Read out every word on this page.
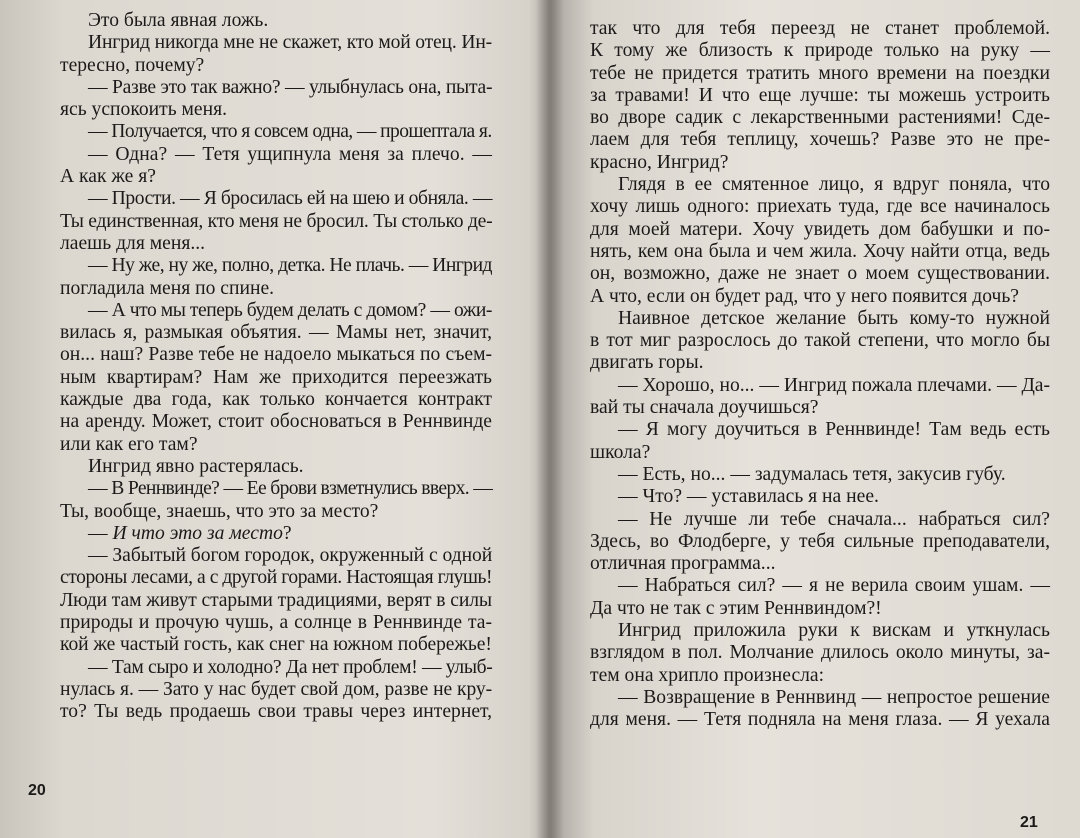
Это была явная ложь.
Ингрид никогда мне не скажет, кто мой отец. Ин-
тересно, почему?
— Разве это так важно? — улыбнулась она, пыта-
ясь успокоить меня.
— Получается, что я совсем одна, — прошептала я.
— Одна? — Тетя ущипнула меня за плечо. —
А как же я?
— Прости. — Я бросилась ей на шею и обняла. —
Ты единственная, кто меня не бросил. Ты столько де-
лаешь для меня...
— Ну же, ну же, полно, детка. Не плачь. — Ингрид
погладила меня по спине.
— А что мы теперь будем делать с домом? — ожи-
вилась я, размыкая объятия. — Мамы нет, значит,
он... наш? Разве тебе не надоело мыкаться по съем-
ным квартирам? Нам же приходится переезжать
каждые два года, как только кончается контракт
на аренду. Может, стоит обосноваться в Реннвинде
или как его там?
Ингрид явно растерялась.
— В Реннвинде? — Ее брови взметнулись вверх. —
Ты, вообще, знаешь, что это за место?
— И что это за место?
— Забытый богом городок, окруженный с одной
стороны лесами, а с другой горами. Настоящая глушь!
Люди там живут старыми традициями, верят в силы
природы и прочую чушь, а солнце в Реннвинде та-
кой же частый гость, как снег на южном побережье!
— Там сыро и холодно? Да нет проблем! — улыб-
нулась я. — Зато у нас будет свой дом, разве не кру-
то? Ты ведь продаешь свои травы через интернет,
20
так что для тебя переезд не станет проблемой.
К тому же близость к природе только на руку —
тебе не придется тратить много времени на поездки
за травами! И что еще лучше: ты можешь устроить
во дворе садик с лекарственными растениями! Сде-
лаем для тебя теплицу, хочешь? Разве это не пре-
красно, Ингрид?
Глядя в ее смятенное лицо, я вдруг поняла, что
хочу лишь одного: приехать туда, где все начиналось
для моей матери. Хочу увидеть дом бабушки и по-
нять, кем она была и чем жила. Хочу найти отца, ведь
он, возможно, даже не знает о моем существовании.
А что, если он будет рад, что у него появится дочь?
Наивное детское желание быть кому-то нужной
в тот миг разрослось до такой степени, что могло бы
двигать горы.
— Хорошо, но... — Ингрид пожала плечами. — Да-
вай ты сначала доучишься?
— Я могу доучиться в Реннвинде! Там ведь есть
школа?
— Есть, но... — задумалась тетя, закусив губу.
— Что? — уставилась я на нее.
— Не лучше ли тебе сначала... набраться сил?
Здесь, во Флодберге, у тебя сильные преподаватели,
отличная программа...
— Набраться сил? — я не верила своим ушам. —
Да что не так с этим Реннвиндом?!
Ингрид приложила руки к вискам и уткнулась
взглядом в пол. Молчание длилось около минуты, за-
тем она хрипло произнесла:
— Возвращение в Реннвинд — непростое решение
для меня. — Тетя подняла на меня глаза. — Я уехала
21
